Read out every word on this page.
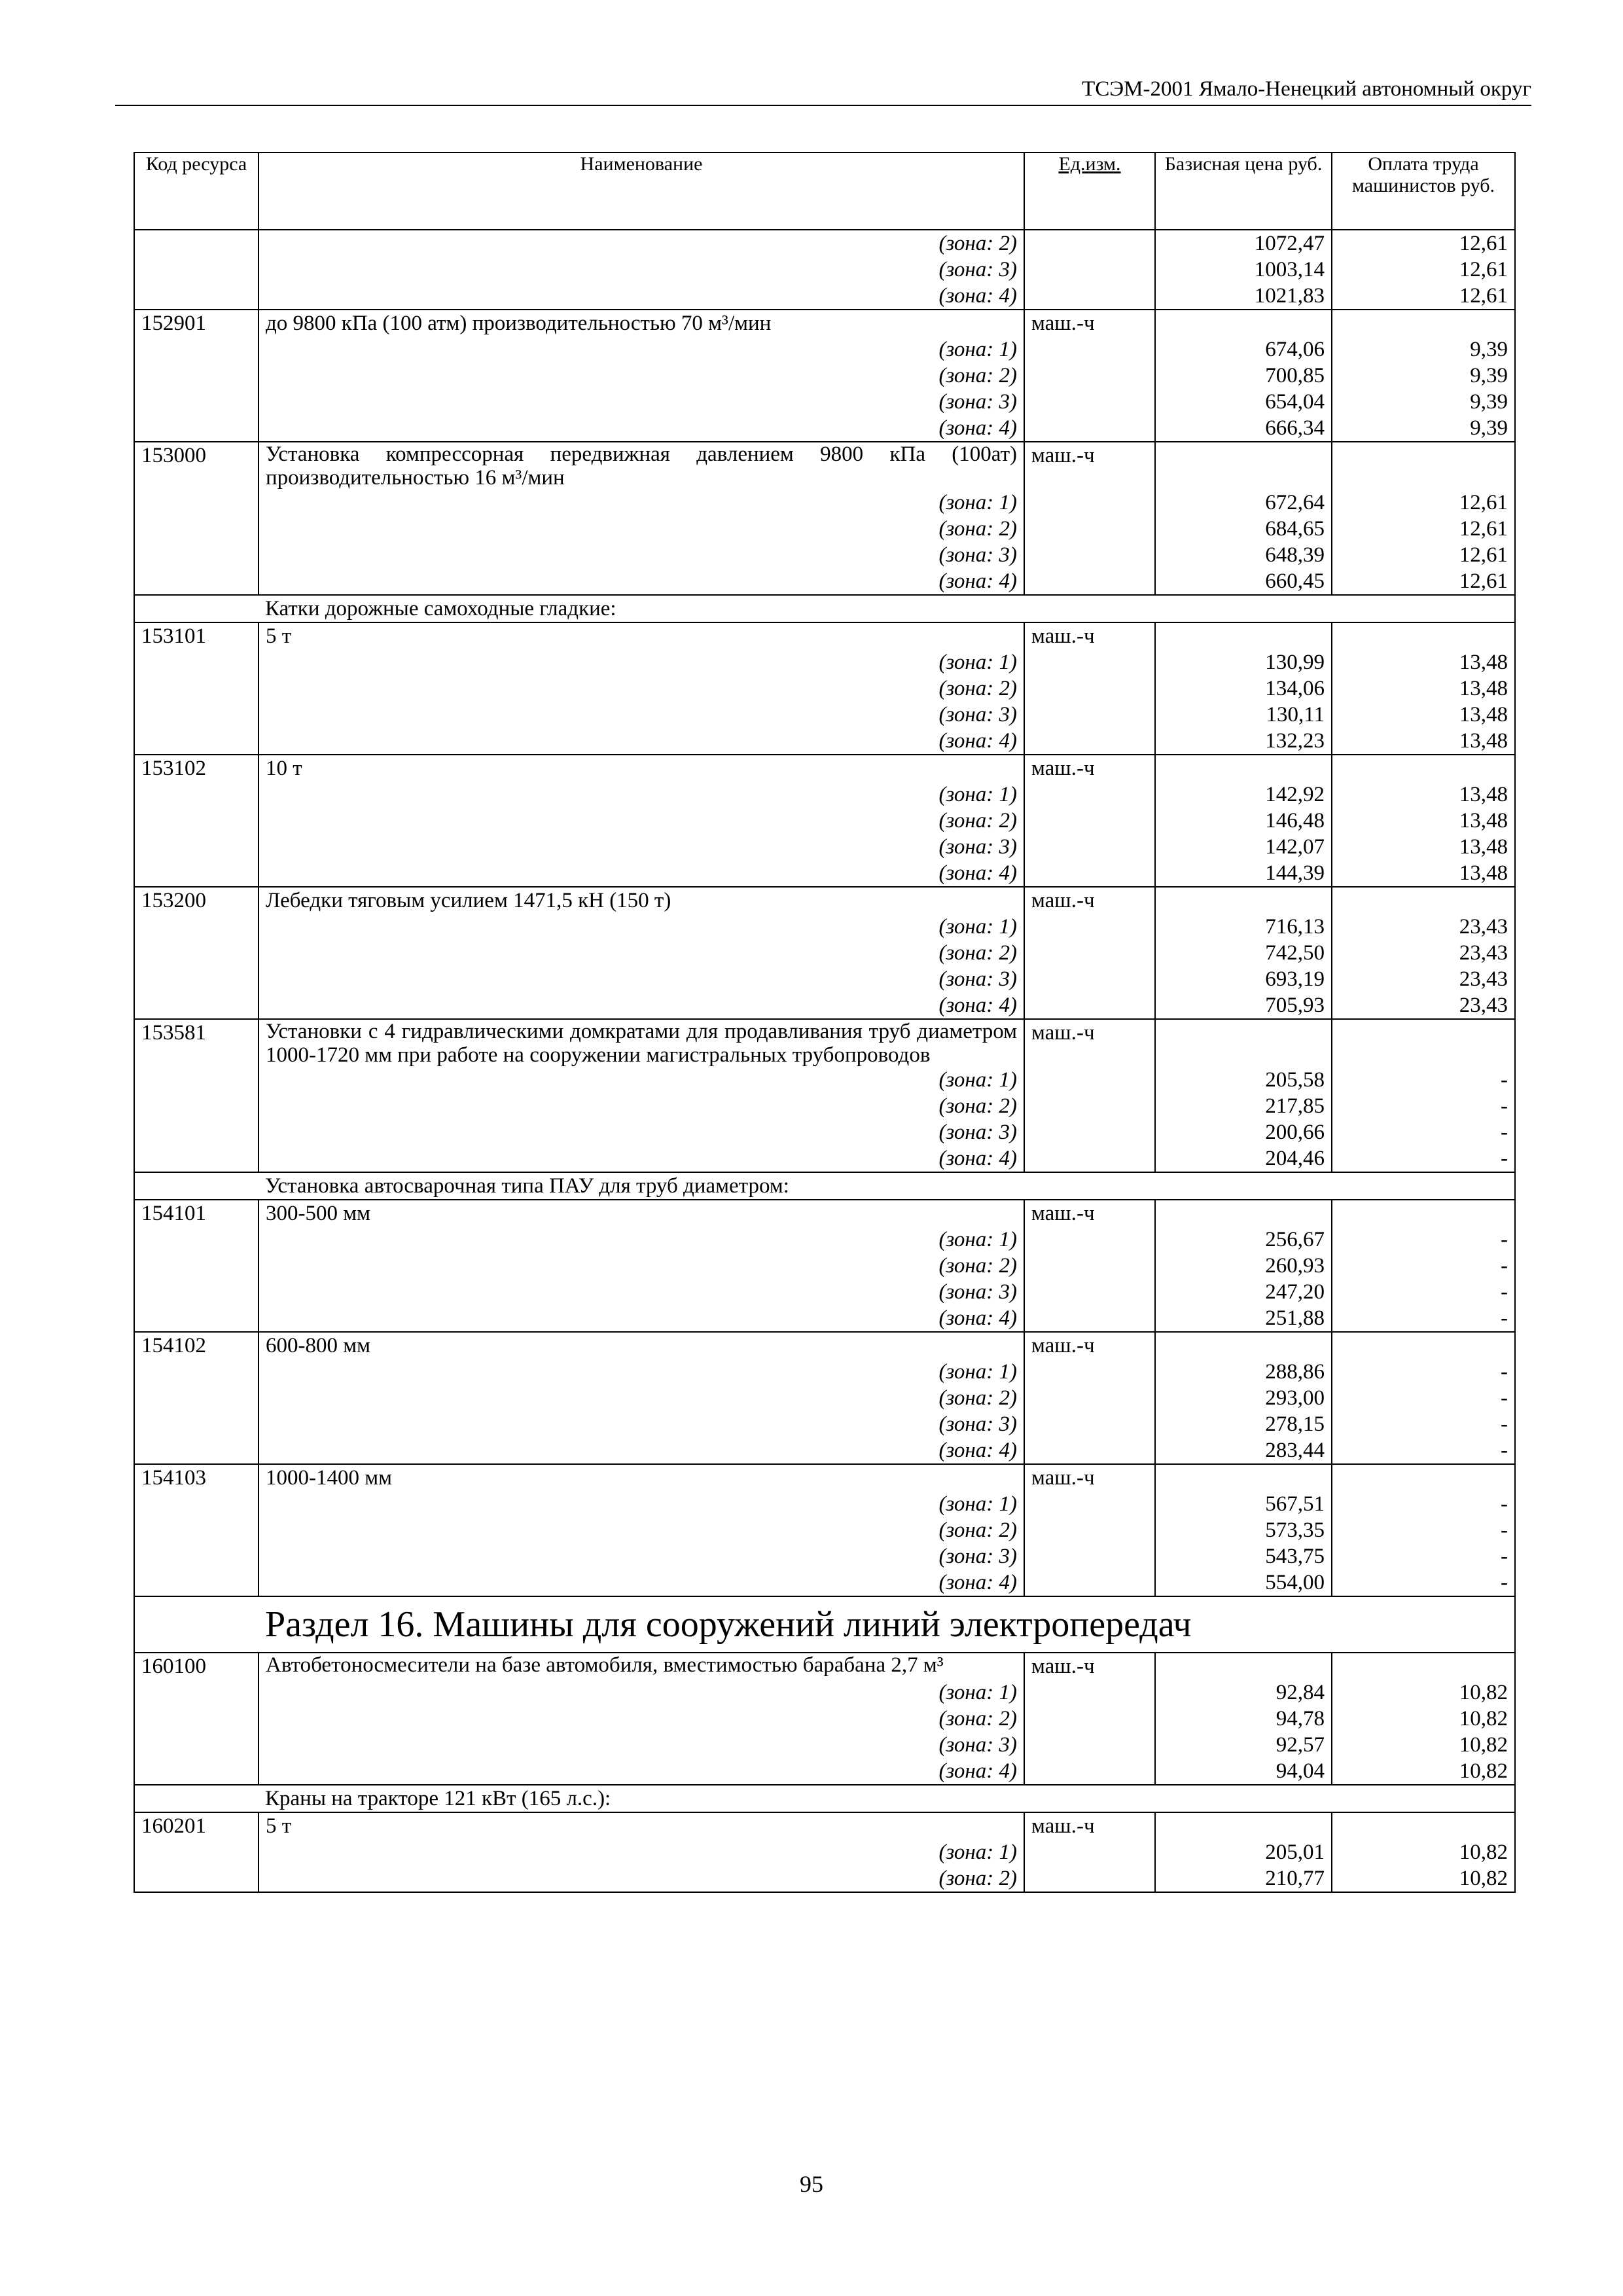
ТСЭМ-2001 Ямало-Ненецкий автономный округ
Код ресурса	Наименование	Ед.изм.	Базисная цена руб.	Оплата труда машинистов руб.
	(зона: 2)		1072,47	12,61
	(зона: 3)		1003,14	12,61
	(зона: 4)		1021,83	12,61
152901	до 9800 кПа (100 атм) производительностью 70 м³/мин	маш.-ч		
	(зона: 1)		674,06	9,39
	(зона: 2)		700,85	9,39
	(зона: 3)		654,04	9,39
	(зона: 4)		666,34	9,39
153000	Установка компрессорная передвижная давлением 9800 кПа (100ат) производительностью 16 м³/мин	маш.-ч		
	(зона: 1)		672,64	12,61
	(зона: 2)		684,65	12,61
	(зона: 3)		648,39	12,61
	(зона: 4)		660,45	12,61
	Катки дорожные самоходные гладкие:			
153101	5 т	маш.-ч		
	(зона: 1)		130,99	13,48
	(зона: 2)		134,06	13,48
	(зона: 3)		130,11	13,48
	(зона: 4)		132,23	13,48
153102	10 т	маш.-ч		
	(зона: 1)		142,92	13,48
	(зона: 2)		146,48	13,48
	(зона: 3)		142,07	13,48
	(зона: 4)		144,39	13,48
153200	Лебедки тяговым усилием 1471,5 кН (150 т)	маш.-ч		
	(зона: 1)		716,13	23,43
	(зона: 2)		742,50	23,43
	(зона: 3)		693,19	23,43
	(зона: 4)		705,93	23,43
153581	Установки с 4 гидравлическими домкратами для продавливания труб диаметром 1000-1720 мм при работе на сооружении магистральных трубопроводов	маш.-ч		
	(зона: 1)		205,58	-
	(зона: 2)		217,85	-
	(зона: 3)		200,66	-
	(зона: 4)		204,46	-
	Установка автосварочная типа ПАУ для труб диаметром:			
154101	300-500 мм	маш.-ч		
	(зона: 1)		256,67	-
	(зона: 2)		260,93	-
	(зона: 3)		247,20	-
	(зона: 4)		251,88	-
154102	600-800 мм	маш.-ч		
	(зона: 1)		288,86	-
	(зона: 2)		293,00	-
	(зона: 3)		278,15	-
	(зона: 4)		283,44	-
154103	1000-1400 мм	маш.-ч		
	(зона: 1)		567,51	-
	(зона: 2)		573,35	-
	(зона: 3)		543,75	-
	(зона: 4)		554,00	-
	Раздел 16. Машины для сооружений линий электропередач			
160100	Автобетоносмесители на базе автомобиля, вместимостью барабана 2,7 м³	маш.-ч		
	(зона: 1)		92,84	10,82
	(зона: 2)		94,78	10,82
	(зона: 3)		92,57	10,82
	(зона: 4)		94,04	10,82
	Краны на тракторе 121 кВт (165 л.с.):			
160201	5 т	маш.-ч		
	(зона: 1)		205,01	10,82
	(зона: 2)		210,77	10,82
95
